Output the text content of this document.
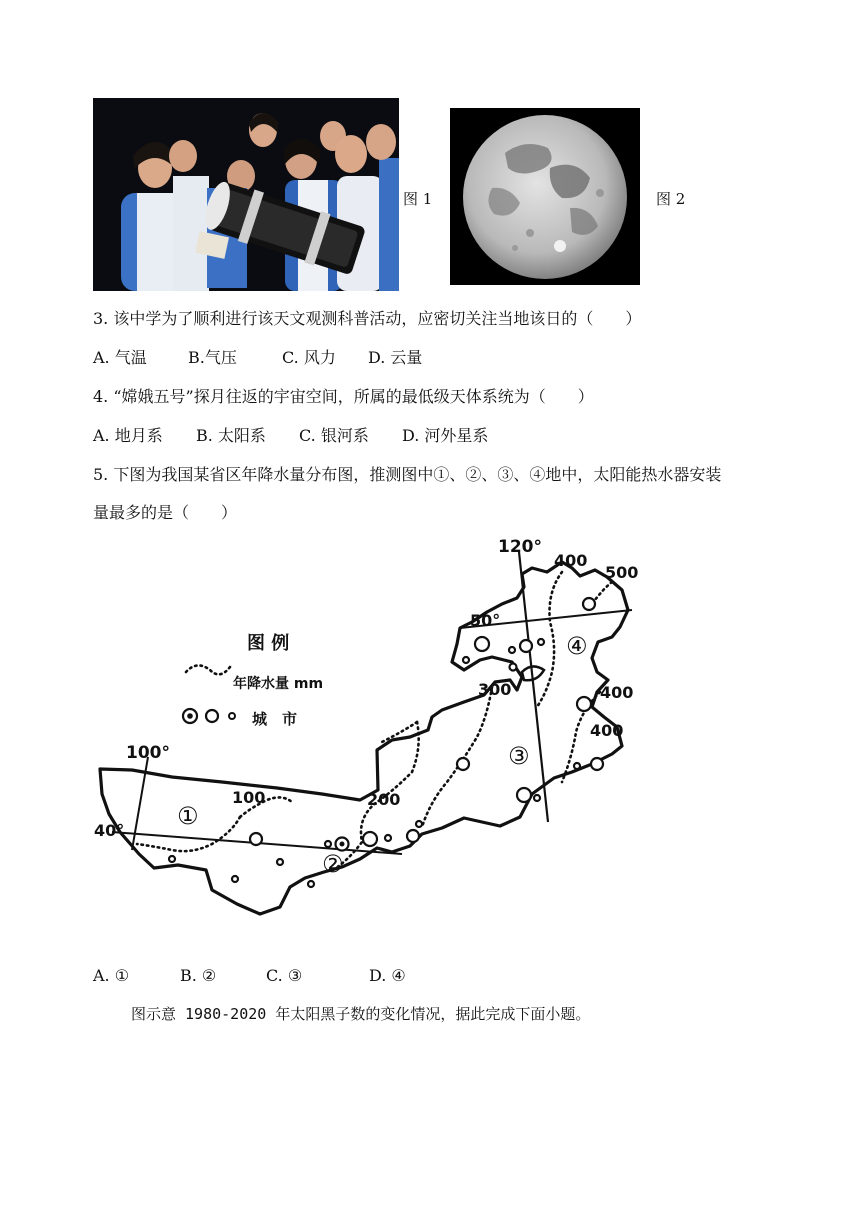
图 1	图 2
3. 该中学为了顺利进行该天文观测科普活动，应密切关注当地该日的（　　）
A. 气温	B.气压	C. 风力 D. 云量
4. “嫦娥五号”探月往返的宇宙空间，所属的最低级天体系统为（　　）
A. 地月系 B. 太阳系 C. 银河系 D. 河外星系
5. 下图为我国某省区年降水量分布图，推测图中①、②、③、④地中，太阳能热水器安装
量最多的是（　　）
图 例
年降水量 mm
城　市
120°
100°
50°
40°
100	200
300
400
400
400
500
①
②
③
④
A. ①	B. ②	C. ③	D. ④
图示意 1980-2020 年太阳黑子数的变化情况，据此完成下面小题。
